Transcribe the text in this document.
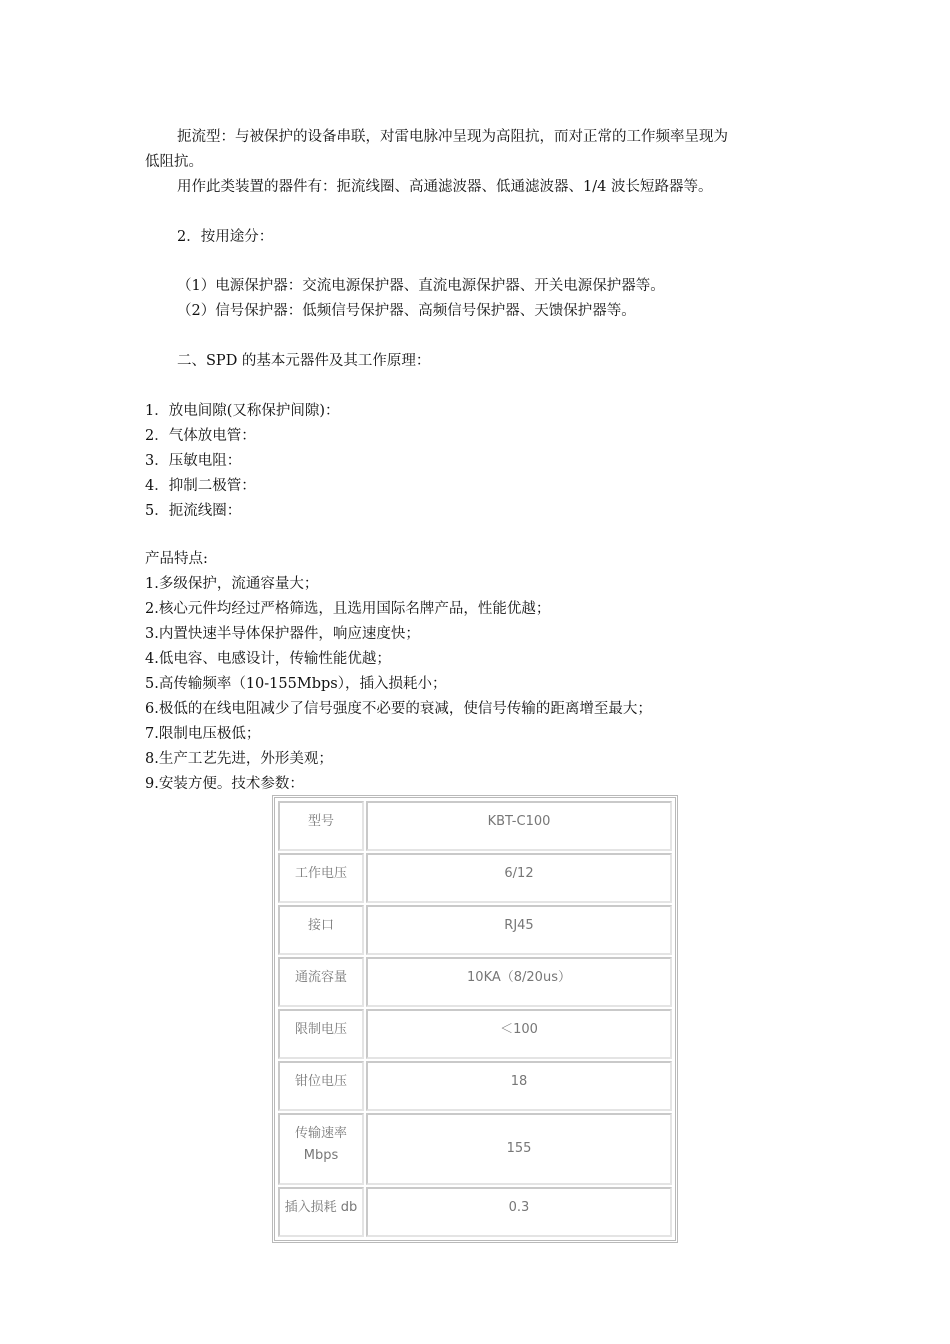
扼流型：与被保护的设备串联，对雷电脉冲呈现为高阻抗，而对正常的工作频率呈现为
低阻抗。
用作此类装置的器件有：扼流线圈、高通滤波器、低通滤波器、1/4 波长短路器等。
2．按用途分：
（1）电源保护器：交流电源保护器、直流电源保护器、开关电源保护器等。
（2）信号保护器：低频信号保护器、高频信号保护器、天馈保护器等。
二、SPD 的基本元器件及其工作原理：
1．放电间隙(又称保护间隙)：
2．气体放电管：
3．压敏电阻：
4．抑制二极管：
5．扼流线圈：
产品特点:
1.多级保护，流通容量大；
2.核心元件均经过严格筛选，且选用国际名牌产品，性能优越；
3.内置快速半导体保护器件，响应速度快；
4.低电容、电感设计，传输性能优越；
5.高传输频率（10-155Mbps），插入损耗小；
6.极低的在线电阻减少了信号强度不必要的衰减，使信号传输的距离增至最大；
7.限制电压极低；
8.生产工艺先进，外形美观；
9.安装方便。技术参数：
型号	KBT-C100
工作电压	6/12
接口	RJ45
通流容量	10KA（8/20us）
限制电压	＜100
钳位电压	18

传输速率
Mbps	155
插入损耗 db	0.3
